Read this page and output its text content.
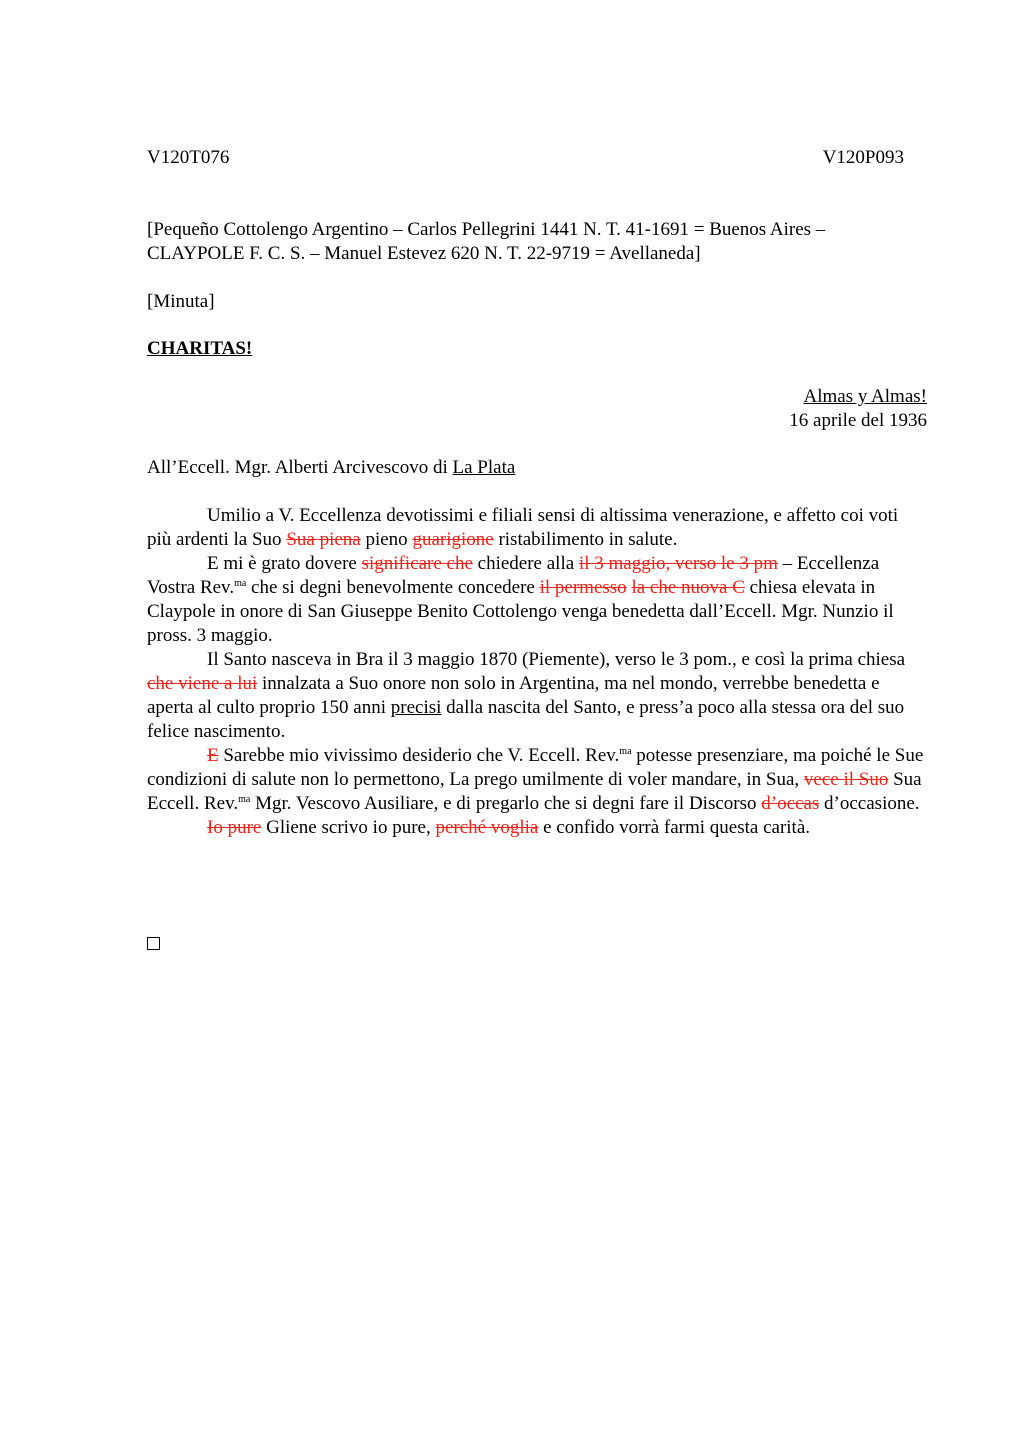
V120T076	V120P093
[Pequeño Cottolengo Argentino – Carlos Pellegrini 1441 N. T. 41-1691 = Buenos Aires –
CLAYPOLE F. C. S. – Manuel Estevez 620 N. T. 22-9719 = Avellaneda]
[Minuta]
CHARITAS!
Almas y Almas!
16 aprile del 1936
All’Eccell. Mgr. Alberti Arcivescovo di La Plata

Umilio a V. Eccellenza devotissimi e filiali sensi di altissima venerazione, e affetto coi voti più ardenti la Suo Sua piena pieno guarigione ristabilimento in salute.

E mi è grato dovere significare che chiedere alla il 3 maggio, verso le 3 pm – Eccellenza Vostra Rev.$^{ma}$ che si degni benevolmente concedere il permesso la che nuova C chiesa elevata in Claypole in onore di San Giuseppe Benito Cottolengo venga benedetta dall’Eccell. Mgr. Nunzio il pross. 3 maggio.

Il Santo nasceva in Bra il 3 maggio 1870 (Piemente), verso le 3 pom., e così la prima chiesa che viene a lui innalzata a Suo onore non solo in Argentina, ma nel mondo, verrebbe benedetta e aperta al culto proprio 150 anni precisi dalla nascita del Santo, e press’a poco alla stessa ora del suo felice nascimento.

E Sarebbe mio vivissimo desiderio che V. Eccell. Rev.$^{ma}$ potesse presenziare, ma poiché le Sue condizioni di salute non lo permettono, La prego umilmente di voler mandare, in Sua, vece il Suo Sua Eccell. Rev.$^{ma}$ Mgr. Vescovo Ausiliare, e di pregarlo che si degni fare il Discorso d’occas d’occasione.

Io pure Gliene scrivo io pure, perché voglia e confido vorrà farmi questa carità.
